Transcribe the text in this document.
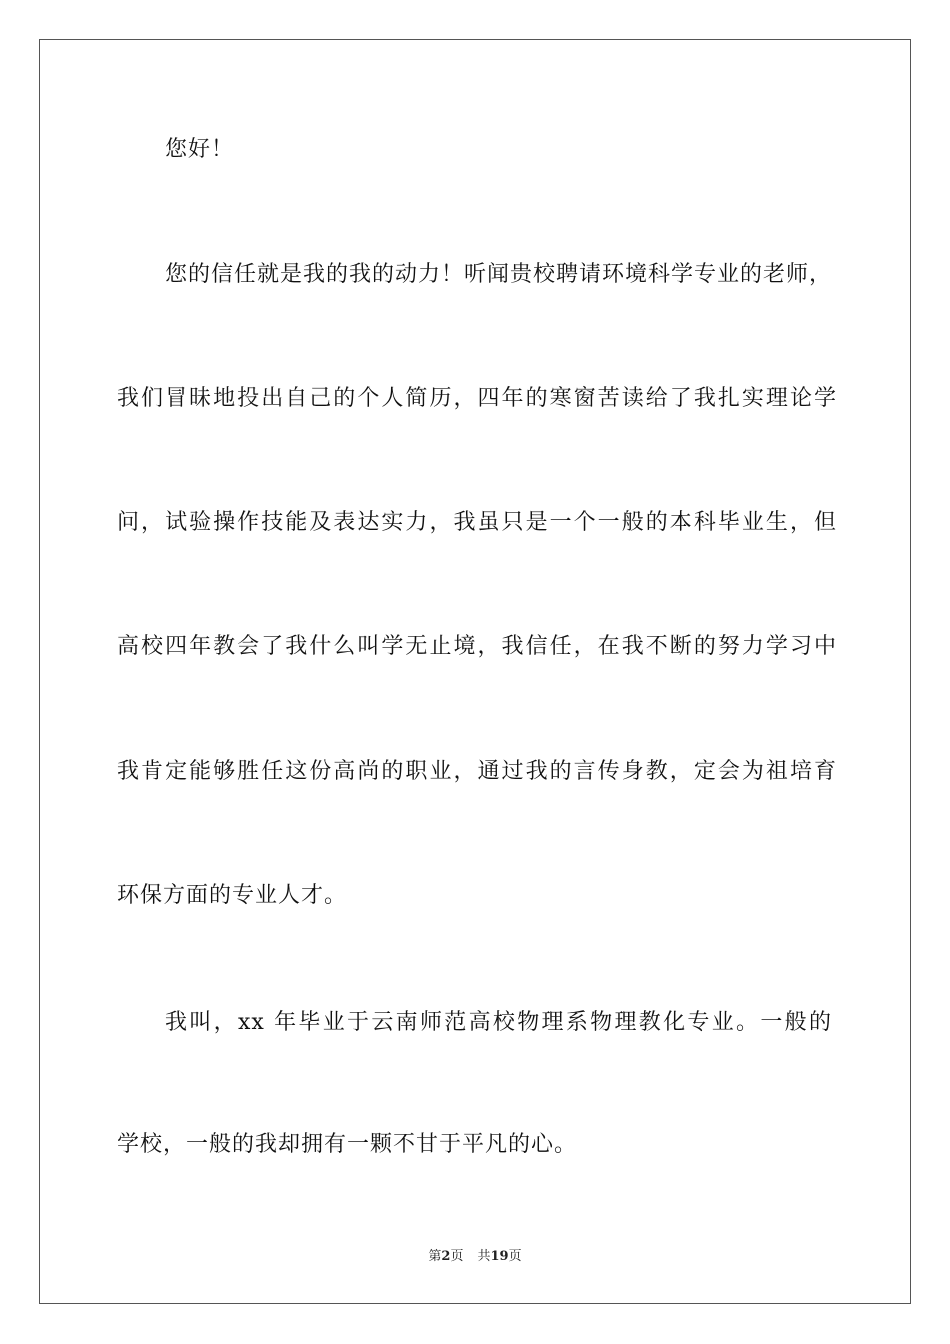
您好！
您的信任就是我的我的动力！听闻贵校聘请环境科学专业的老师，
我们冒昧地投出自己的个人简历，四年的寒窗苦读给了我扎实理论学
问，试验操作技能及表达实力，我虽只是一个一般的本科毕业生，但
高校四年教会了我什么叫学无止境，我信任，在我不断的努力学习中
我肯定能够胜任这份高尚的职业，通过我的言传身教，定会为祖培育
环保方面的专业人才。
我叫，xx 年毕业于云南师范高校物理系物理教化专业。一般的
学校，一般的我却拥有一颗不甘于平凡的心。
第2页 共19页
